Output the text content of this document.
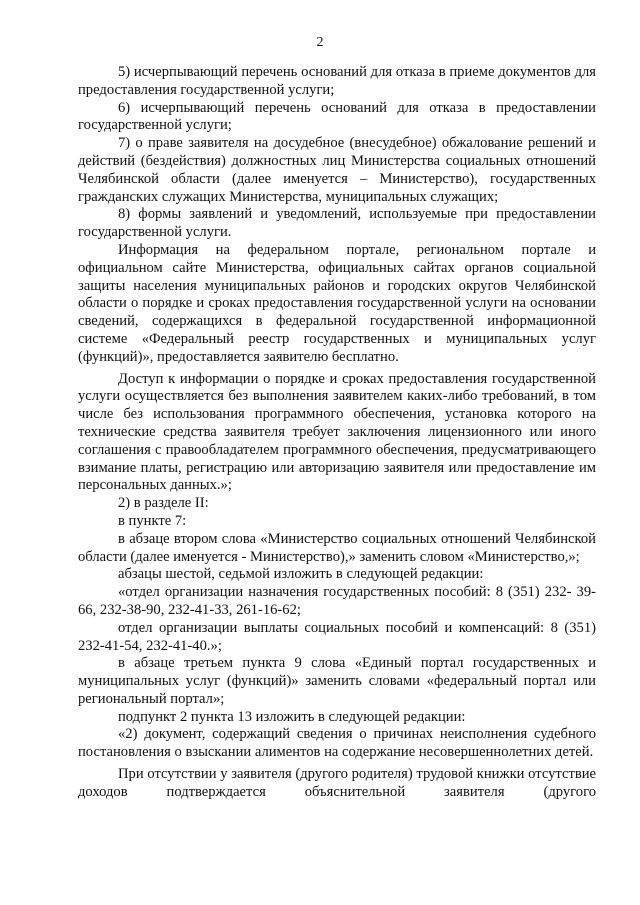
2

5) исчерпывающий перечень оснований для отказа в приеме документов для предоставления государственной услуги;

6) исчерпывающий перечень оснований для отказа в предоставлении государственной услуги;

7) о праве заявителя на досудебное (внесудебное) обжалование решений и действий (бездействия) должностных лиц Министерства социальных отношений Челябинской области (далее именуется – Министерство), государственных гражданских служащих Министерства, муниципальных служащих;

8) формы заявлений и уведомлений, используемые при предоставлении государственной услуги.

Информация на федеральном портале, региональном портале и официальном сайте Министерства, официальных сайтах органов социальной защиты населения муниципальных районов и городских округов Челябинской области о порядке и сроках предоставления государственной услуги на основании сведений, содержащихся в федеральной государственной информационной системе «Федеральный реестр государственных и муниципальных услуг (функций)», предоставляется заявителю бесплатно.

Доступ к информации о порядке и сроках предоставления государственной услуги осуществляется без выполнения заявителем каких-либо требований, в том числе без использования программного обеспечения, установка которого на технические средства заявителя требует заключения лицензионного или иного соглашения с правообладателем программного обеспечения, предусматривающего взимание платы, регистрацию или авторизацию заявителя или предоставление им персональных данных.»;

2) в разделе II:

в пункте 7:

в абзаце втором слова «Министерство социальных отношений Челябинской области (далее именуется - Министерство),» заменить словом «Министерство,»;

абзацы шестой, седьмой изложить в следующей редакции:

«отдел организации назначения государственных пособий: 8 (351) 232- 39- 66, 232-38-90, 232-41-33, 261-16-62;

отдел организации выплаты социальных пособий и компенсаций: 8 (351) 232-41-54, 232-41-40.»;

в абзаце третьем пункта 9 слова «Единый портал государственных и муниципальных услуг (функций)» заменить словами «федеральный портал или региональный портал»;

подпункт 2 пункта 13 изложить в следующей редакции:

«2) документ, содержащий сведения о причинах неисполнения судебного постановления о взыскании алиментов на содержание несовершеннолетних детей.

При отсутствии у заявителя (другого родителя) трудовой книжки отсутствие доходов подтверждается объяснительной заявителя (другого
